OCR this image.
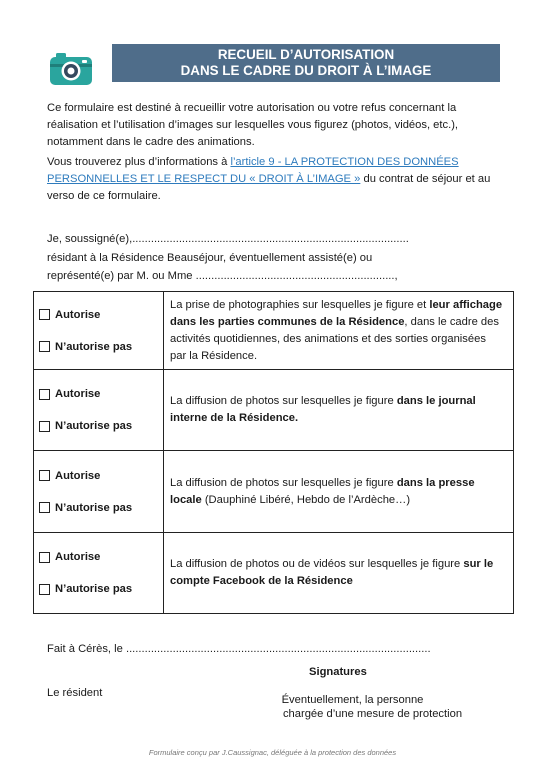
RECUEIL D’AUTORISATION
DANS LE CADRE DU DROIT À L’IMAGE
Ce formulaire est destiné à recueillir votre autorisation ou votre refus concernant la réalisation et l’utilisation d’images sur lesquelles vous figurez (photos, vidéos, etc.), notamment dans le cadre des animations.
Vous trouverez plus d’informations à l’article 9 - LA PROTECTION DES DONNÉES PERSONNELLES ET LE RESPECT DU « DROIT À L’IMAGE » du contrat de séjour et au verso de ce formulaire.
Je, soussigné(e),.........................................................................................
résidant à la Résidence Beauséjour, éventuellement assisté(e) ou
représenté(e) par M. ou Mme ................................................................,
Autorise
N’autorise pas	La prise de photographies sur lesquelles je figure et leur affichage dans les parties communes de la Résidence, dans le cadre des activités quotidiennes, des animations et des sorties organisées par la Résidence.

Autorise
N’autorise pas	La diffusion de photos sur lesquelles je figure dans le journal interne de la Résidence.

Autorise
N’autorise pas	La diffusion de photos sur lesquelles je figure dans la presse locale (Dauphiné Libéré, Hebdo de l’Ardèche…)

Autorise
N’autorise pas	La diffusion de photos ou de vidéos sur lesquelles je figure sur le compte Facebook de la Résidence
Fait à Cérès, le ..................................................................................................
Signatures
Le résident
Éventuellement, la personne
chargée d’une mesure de protection
Formulaire conçu par J.Caussignac, déléguée à la protection des données
